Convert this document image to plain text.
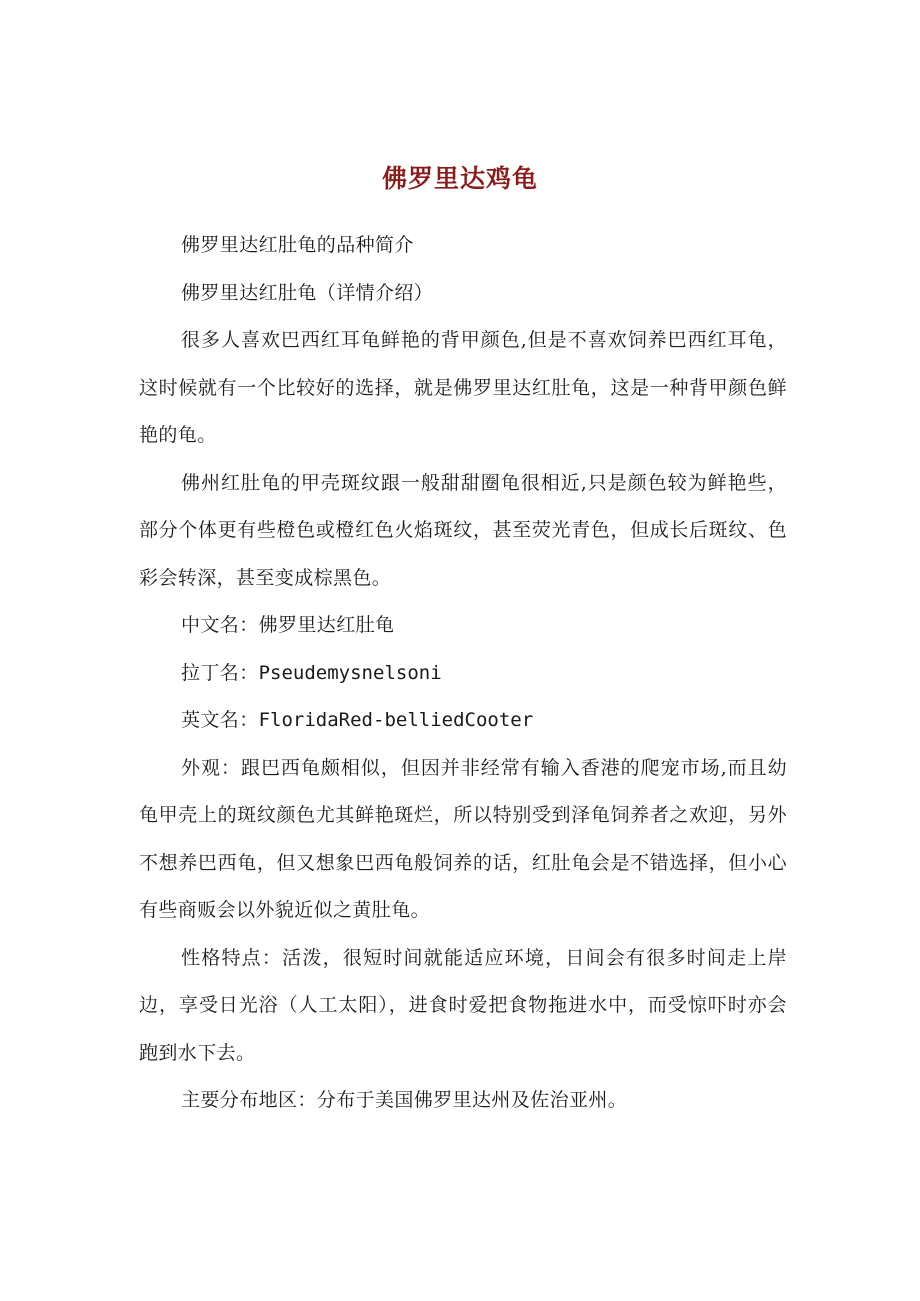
佛罗里达鸡龟

佛罗里达红肚龟的品种简介

佛罗里达红肚龟（详情介绍）

很多人喜欢巴西红耳龟鲜艳的背甲颜色,但是不喜欢饲养巴西红耳龟，这时候就有一个比较好的选择，就是佛罗里达红肚龟，这是一种背甲颜色鲜艳的龟。

佛州红肚龟的甲壳斑纹跟一般甜甜圈龟很相近,只是颜色较为鲜艳些，部分个体更有些橙色或橙红色火焰斑纹，甚至荧光青色，但成长后斑纹、色彩会转深，甚至变成棕黑色。

中文名：佛罗里达红肚龟

拉丁名：Pseudemysnelsoni

英文名：FloridaRed-belliedCooter

外观：跟巴西龟颇相似，但因并非经常有输入香港的爬宠市场,而且幼龟甲壳上的斑纹颜色尤其鲜艳斑烂，所以特别受到泽龟饲养者之欢迎，另外不想养巴西龟，但又想象巴西龟般饲养的话，红肚龟会是不错选择，但小心有些商贩会以外貌近似之黄肚龟。

性格特点：活泼，很短时间就能适应环境，日间会有很多时间走上岸边，享受日光浴（人工太阳），进食时爱把食物拖进水中，而受惊吓时亦会跑到水下去。

主要分布地区：分布于美国佛罗里达州及佐治亚州。
